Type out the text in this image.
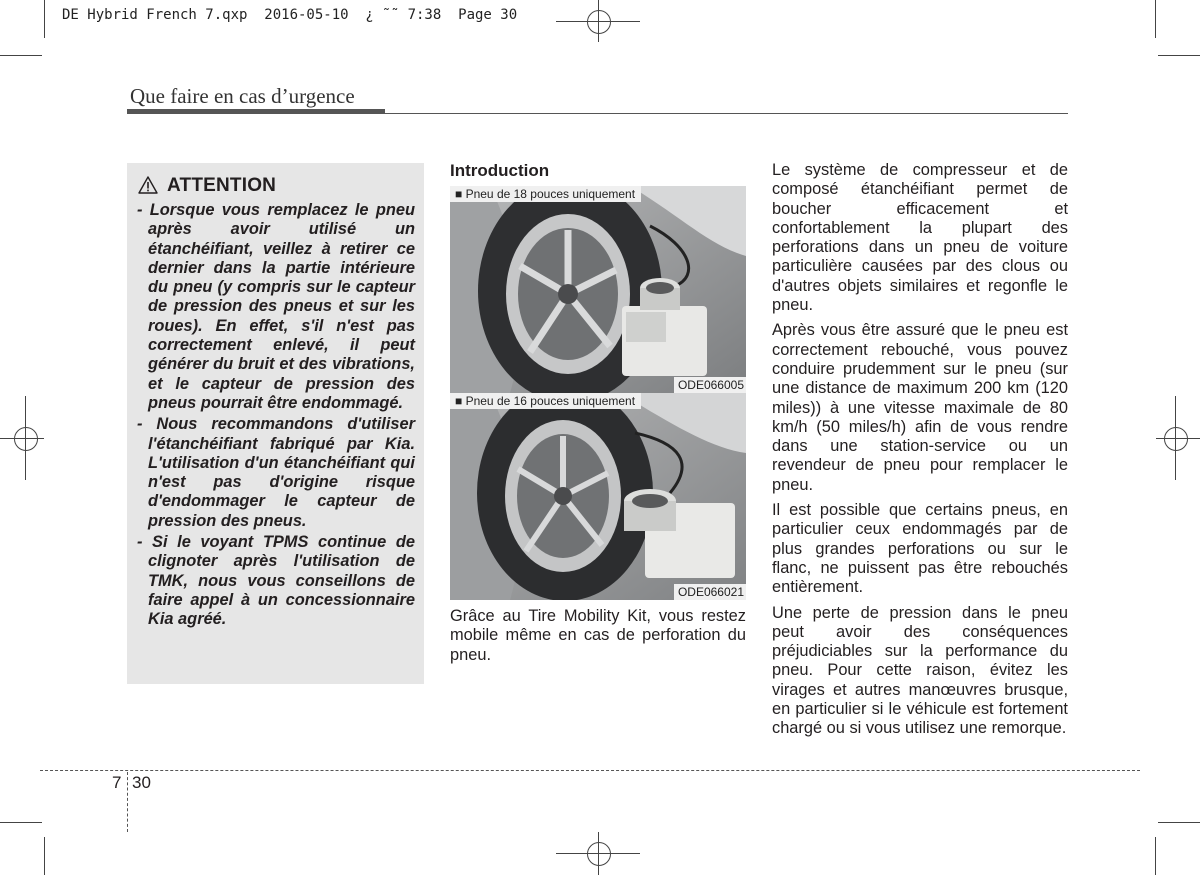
DE Hybrid French 7.qxp  2016-05-10  ¿ ˜˜ 7:38  Page 30
Que faire en cas d’urgence
ATTENTION
- Lorsque vous remplacez le pneu après avoir utilisé un étanchéifiant, veillez à retirer ce dernier dans la partie intérieure du pneu (y compris sur le capteur de pression des pneus et sur les roues). En effet, s'il n'est pas correctement enlevé, il peut générer du bruit et des vibrations, et le capteur de pression des pneus pourrait être endommagé.
- Nous recommandons d'utiliser l'étanchéifiant fabriqué par Kia. L'utilisation d'un étanchéifiant qui n'est pas d'origine risque d'endommager le capteur de pression des pneus.
- Si le voyant TPMS continue de clignoter après l'utilisation de TMK, nous vous conseillons de faire appel à un concessionnaire Kia agréé.
Introduction
■ Pneu de 18 pouces uniquement
ODE066005
■ Pneu de 16 pouces uniquement
ODE066021

Grâce au Tire Mobility Kit, vous restez mobile même en cas de perforation du pneu.

Le système de compresseur et de composé étanchéifiant permet de boucher efficacement et confortablement la plupart des perforations dans un pneu de voiture particulière causées par des clous ou d'autres objets similaires et regonfle le pneu.

Après vous être assuré que le pneu est correctement rebouché, vous pouvez conduire prudemment sur le pneu (sur une distance de maximum 200 km (120 miles)) à une vitesse maximale de 80 km/h (50 miles/h) afin de vous rendre dans une station-service ou un revendeur de pneu pour remplacer le pneu.

Il est possible que certains pneus, en particulier ceux endommagés par de plus grandes perforations ou sur le flanc, ne puissent pas être rebouchés entièrement.

Une perte de pression dans le pneu peut avoir des conséquences préjudiciables sur la performance du pneu. Pour cette raison, évitez les virages et autres manœuvres brusque, en particulier si le véhicule est fortement chargé ou si vous utilisez une remorque.

7 30
